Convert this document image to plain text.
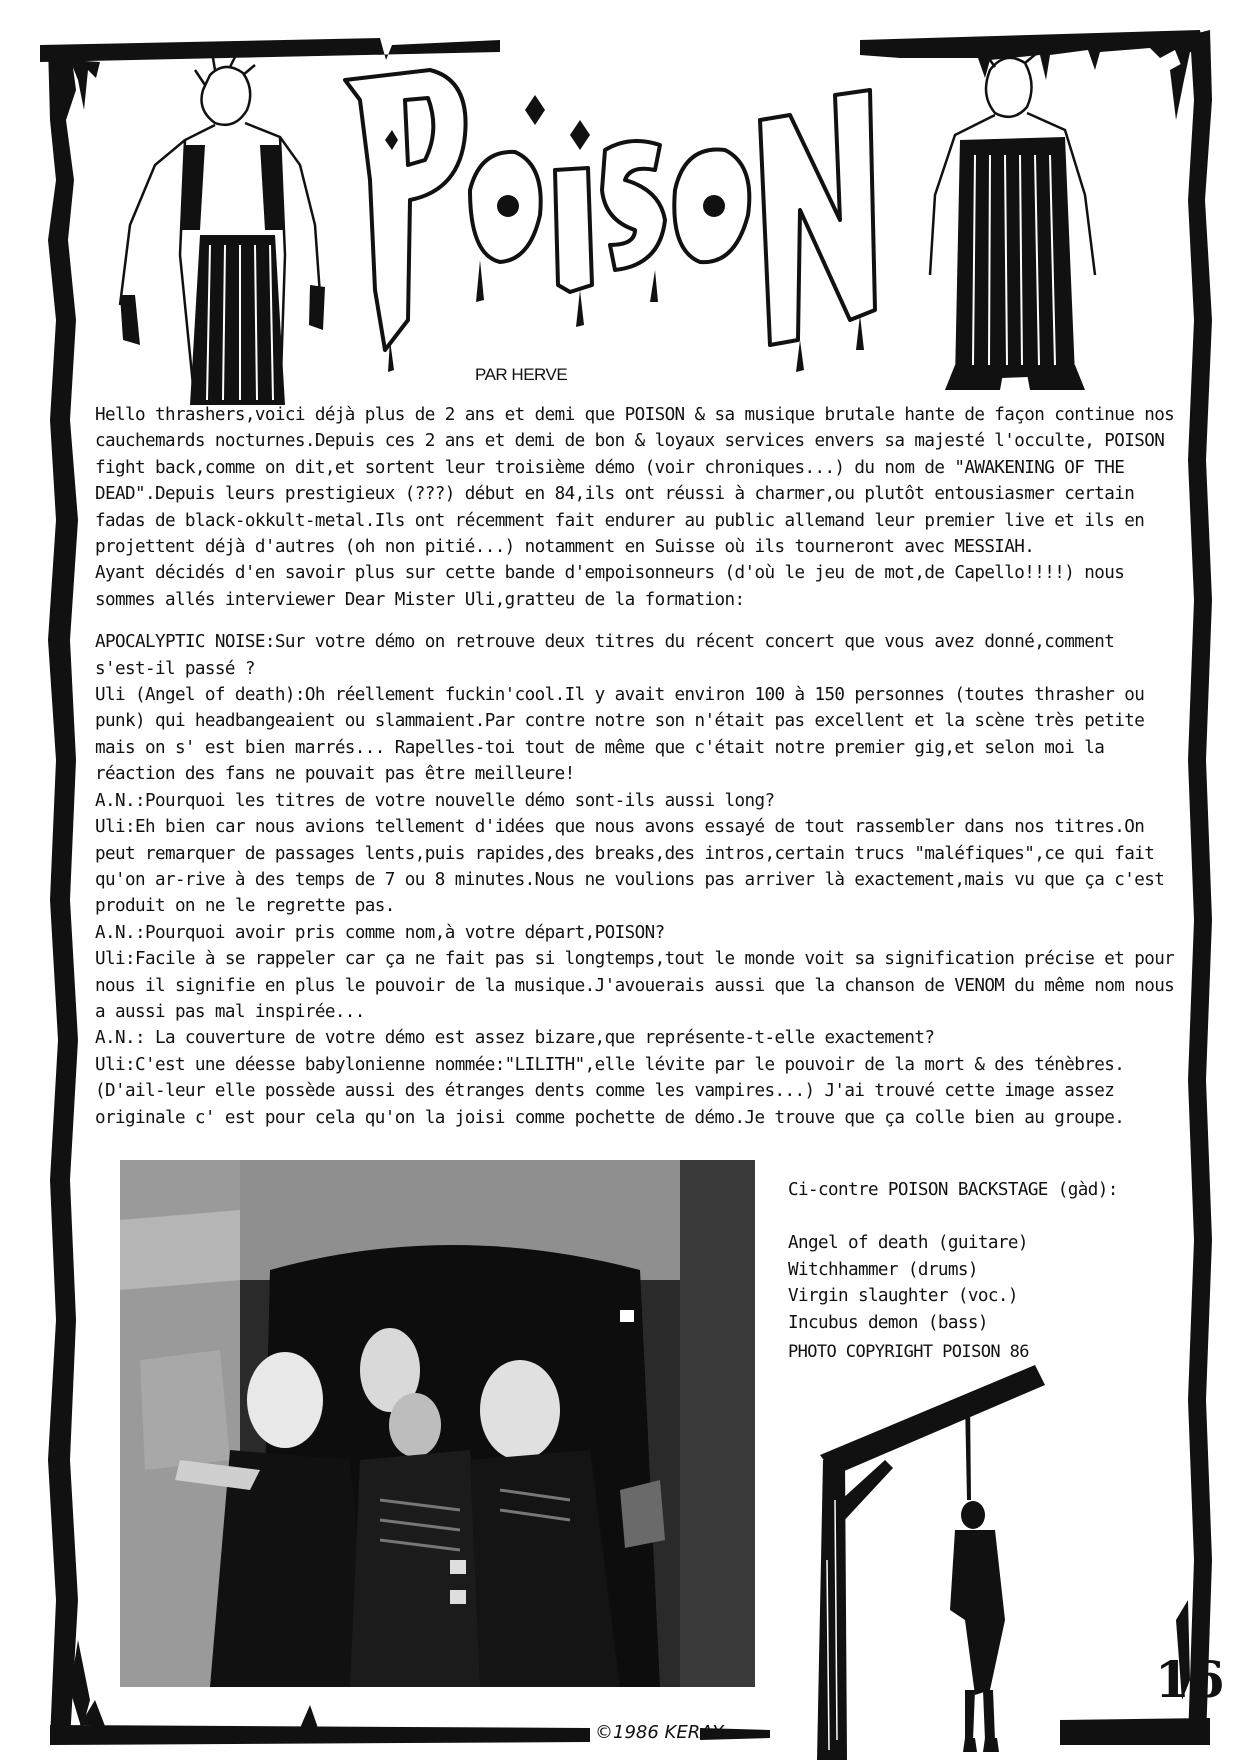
PAR HERVE

Hello thrashers,voici déjà plus de 2 ans et demi que POISON & sa musique brutale hante de façon continue nos cauchemards nocturnes.Depuis ces 2 ans et demi de bon & loyaux services envers sa majesté l'occulte, POISON fight back,comme on dit,et sortent leur troisième démo (voir chroniques...) du nom de "AWAKENING OF THE DEAD".Depuis leurs prestigieux (???) début en 84,ils ont réussi à charmer,ou plutôt entousiasmer certain fadas de black-okkult-metal.Ils ont récemment fait endurer au public allemand leur premier live et ils en projettent déjà d'autres (oh non pitié...) notamment en Suisse où ils tourneront avec MESSIAH.

Ayant décidés d'en savoir plus sur cette bande d'empoisonneurs (d'où le jeu de mot,de Capello!!!!) nous sommes allés interviewer Dear Mister Uli,gratteu de la formation:

APOCALYPTIC NOISE:Sur votre démo on retrouve deux titres du récent concert que vous avez donné,comment s'est-il passé ?

Uli (Angel of death):Oh réellement fuckin'cool.Il y avait environ 100 à 150 personnes (toutes thrasher ou punk) qui headbangeaient ou slammaient.Par contre notre son n'était pas excellent et la scène très petite mais on s' est bien marrés... Rapelles-toi tout de même que c'était notre premier gig,et selon moi la réaction des fans ne pouvait pas être meilleure!

A.N.:Pourquoi les titres de votre nouvelle démo sont-ils aussi long?

Uli:Eh bien car nous avions tellement d'idées que nous avons essayé de tout rassembler dans nos titres.On peut remarquer de passages lents,puis rapides,des breaks,des intros,certain trucs "maléfiques",ce qui fait qu'on ar-rive à des temps de 7 ou 8 minutes.Nous ne voulions pas arriver là exactement,mais vu que ça c'est produit on ne le regrette pas.

A.N.:Pourquoi avoir pris comme nom,à votre départ,POISON?

Uli:Facile à se rappeler car ça ne fait pas si longtemps,tout le monde voit sa signification précise et pour nous il signifie en plus le pouvoir de la musique.J'avouerais aussi que la chanson de VENOM du même nom nous a aussi pas mal inspirée...

A.N.: La couverture de votre démo est assez bizare,que représente-t-elle exactement?

Uli:C'est une déesse babylonienne nommée:"LILITH",elle lévite par le pouvoir de la mort & des ténèbres.(D'ail-leur elle possède aussi des étranges dents comme les vampires...) J'ai trouvé cette image assez originale c' est pour cela qu'on la joisi comme pochette de démo.Je trouve que ça colle bien au groupe.

Ci-contre POISON BACKSTAGE (gàd):

Angel of death (guitare)
Witchhammer (drums)
Virgin slaughter (voc.)
Incubus demon (bass)
PHOTO COPYRIGHT POISON 86
16
©1986 KERAY
